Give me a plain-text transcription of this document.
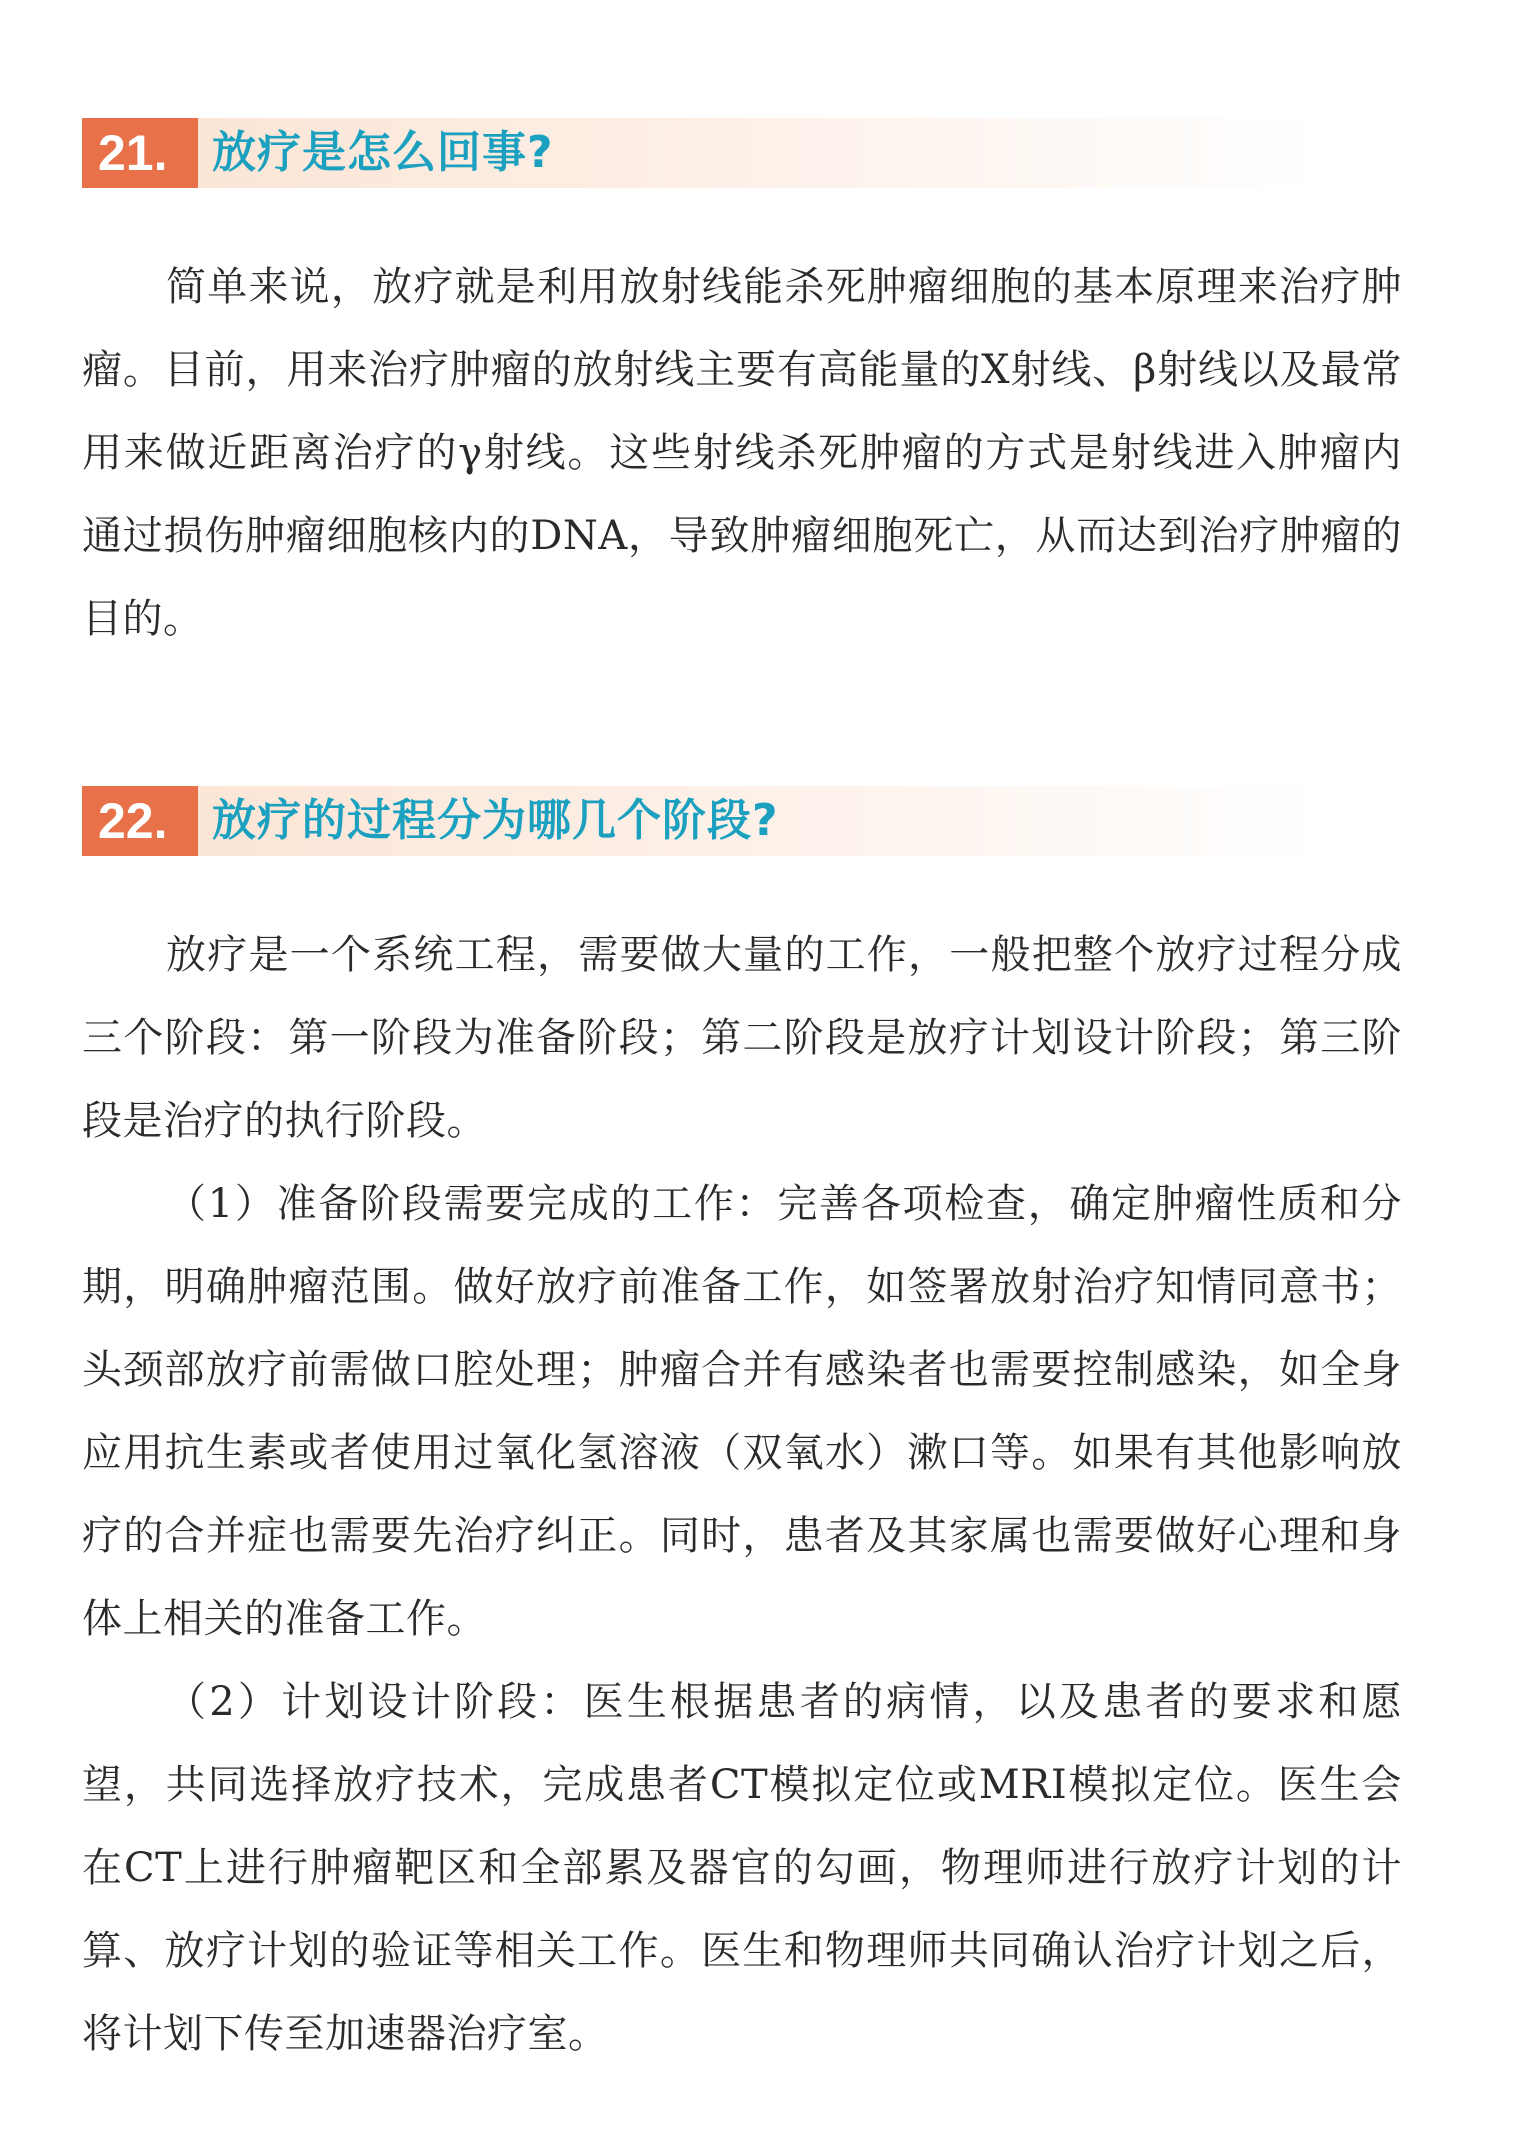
21.	放疗是怎么回事?

简单来说，放疗就是利用放射线能杀死肿瘤细胞的基本原理来治疗肿瘤。目前，用来治疗肿瘤的放射线主要有高能量的X射线、β射线以及最常用来做近距离治疗的γ射线。这些射线杀死肿瘤的方式是射线进入肿瘤内通过损伤肿瘤细胞核内的DNA，导致肿瘤细胞死亡，从而达到治疗肿瘤的目的。

22.	放疗的过程分为哪几个阶段?

放疗是一个系统工程，需要做大量的工作，一般把整个放疗过程分成三个阶段：第一阶段为准备阶段；第二阶段是放疗计划设计阶段；第三阶段是治疗的执行阶段。

（1）准备阶段需要完成的工作：完善各项检查，确定肿瘤性质和分期，明确肿瘤范围。做好放疗前准备工作，如签署放射治疗知情同意书；头颈部放疗前需做口腔处理；肿瘤合并有感染者也需要控制感染，如全身应用抗生素或者使用过氧化氢溶液（双氧水）漱口等。如果有其他影响放疗的合并症也需要先治疗纠正。同时，患者及其家属也需要做好心理和身体上相关的准备工作。

（2）计划设计阶段：医生根据患者的病情，以及患者的要求和愿望，共同选择放疗技术，完成患者CT模拟定位或MRI模拟定位。医生会在CT上进行肿瘤靶区和全部累及器官的勾画，物理师进行放疗计划的计算、放疗计划的验证等相关工作。医生和物理师共同确认治疗计划之后，将计划下传至加速器治疗室。
